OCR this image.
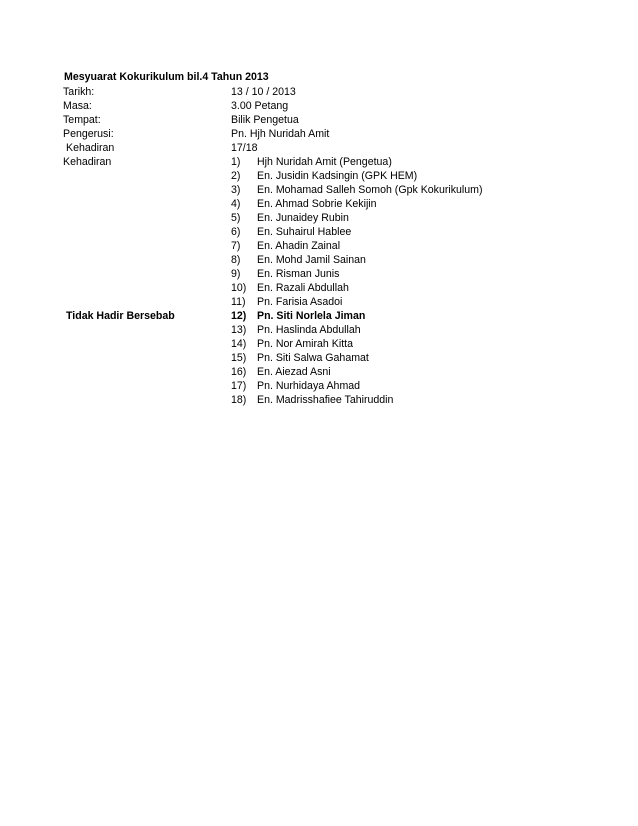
Mesyuarat Kokurikulum bil.4 Tahun 2013
Tarikh:	13 / 10 / 2013
Masa:	3.00 Petang
Tempat:	Bilik Pengetua
Pengerusi:	Pn. Hjh Nuridah Amit
Kehadiran	17/18
Kehadiran	1) Hjh Nuridah Amit (Pengetua)
2) En. Jusidin Kadsingin (GPK HEM)
3) En. Mohamad Salleh Somoh (Gpk Kokurikulum)
4) En. Ahmad Sobrie Kekijin
5) En. Junaidey Rubin
6) En. Suhairul Hablee
7) En. Ahadin Zainal
8) En. Mohd Jamil Sainan
9) En. Risman Junis
10) En. Razali Abdullah
11) Pn. Farisia Asadoi
Tidak Hadir Bersebab	12) Pn. Siti Norlela Jiman
13) Pn. Haslinda Abdullah
14) Pn. Nor Amirah Kitta
15) Pn. Siti Salwa Gahamat
16) En. Aiezad Asni
17) Pn. Nurhidaya Ahmad
18) En. Madrisshafiee Tahiruddin
